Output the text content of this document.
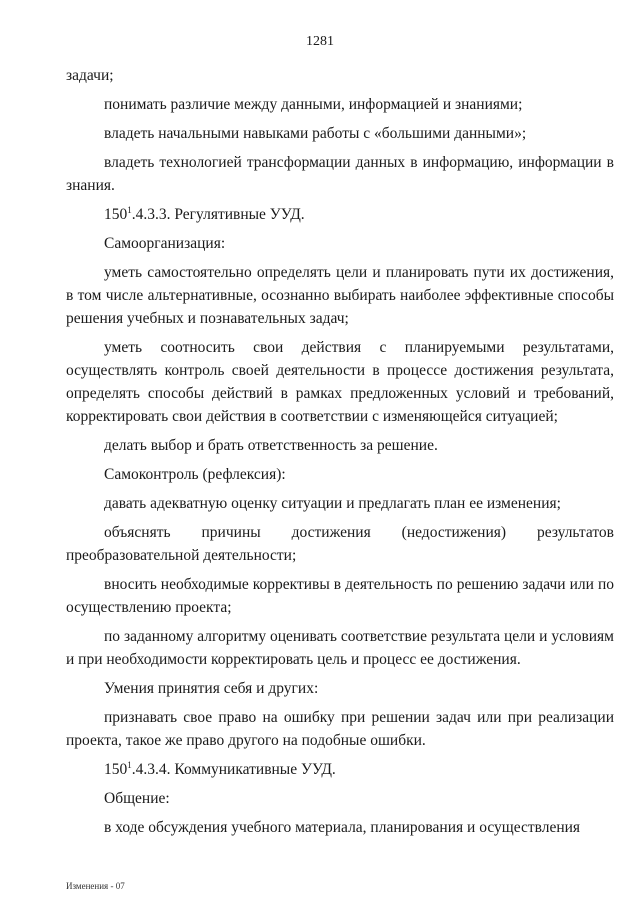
1281

задачи;

понимать различие между данными, информацией и знаниями;

владеть начальными навыками работы с «большими данными»;

владеть технологией трансформации данных в информацию, информации в знания.

$150^1.4.3.3$. Регулятивные УУД.

Самоорганизация:

уметь самостоятельно определять цели и планировать пути их достижения, в том числе альтернативные, осознанно выбирать наиболее эффективные способы решения учебных и познавательных задач;

уметь соотносить свои действия с планируемыми результатами, осуществлять контроль своей деятельности в процессе достижения результата, определять способы действий в рамках предложенных условий и требований, корректировать свои действия в соответствии с изменяющейся ситуацией;

делать выбор и брать ответственность за решение.

Самоконтроль (рефлексия):

давать адекватную оценку ситуации и предлагать план ее изменения;

объяснять причины достижения (недостижения) результатов преобразовательной деятельности;

вносить необходимые коррективы в деятельность по решению задачи или по осуществлению проекта;

по заданному алгоритму оценивать соответствие результата цели и условиям и при необходимости корректировать цель и процесс ее достижения.

Умения принятия себя и других:

признавать свое право на ошибку при решении задач или при реализации проекта, такое же право другого на подобные ошибки.

$150^1.4.3.4$. Коммуникативные УУД.

Общение:

в ходе обсуждения учебного материала, планирования и осуществления

Изменения - 07
